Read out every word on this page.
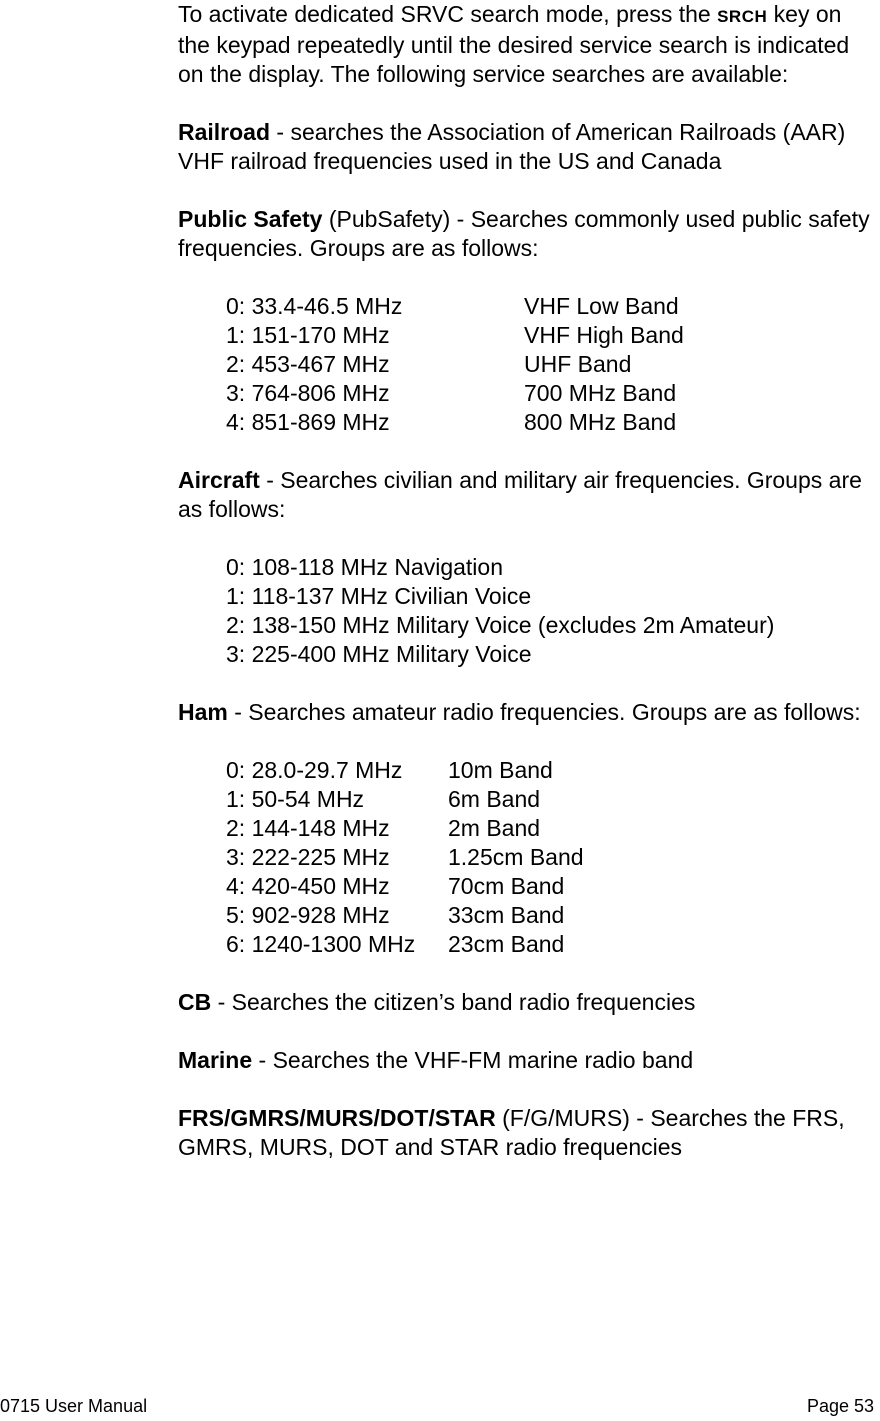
To activate dedicated SRVC search mode, press the SRCH key on the keypad repeatedly until the desired service search is indicated on the display. The following service searches are available:

Railroad - searches the Association of American Railroads (AAR) VHF railroad frequencies used in the US and Canada

Public Safety (PubSafety) - Searches commonly used public safety frequencies. Groups are as follows:

0: 33.4-46.5 MHz	VHF Low Band
1: 151-170 MHz	VHF High Band
2: 453-467 MHz	UHF Band
3: 764-806 MHz	700 MHz Band
4: 851-869 MHz	800 MHz Band

Aircraft - Searches civilian and military air frequencies. Groups are as follows:

0: 108-118 MHz Navigation
1: 118-137 MHz Civilian Voice
2: 138-150 MHz Military Voice (excludes 2m Amateur)
3: 225-400 MHz Military Voice

Ham - Searches amateur radio frequencies. Groups are as follows:

0: 28.0-29.7 MHz	10m Band
1: 50-54 MHz	6m Band
2: 144-148 MHz	2m Band
3: 222-225 MHz	1.25cm Band
4: 420-450 MHz	70cm Band
5: 902-928 MHz	33cm Band
6: 1240-1300 MHz	23cm Band

CB - Searches the citizen’s band radio frequencies

Marine - Searches the VHF-FM marine radio band

FRS/GMRS/MURS/DOT/STAR (F/G/MURS) - Searches the FRS, GMRS, MURS, DOT and STAR radio frequencies

0715 User Manual	Page 53
